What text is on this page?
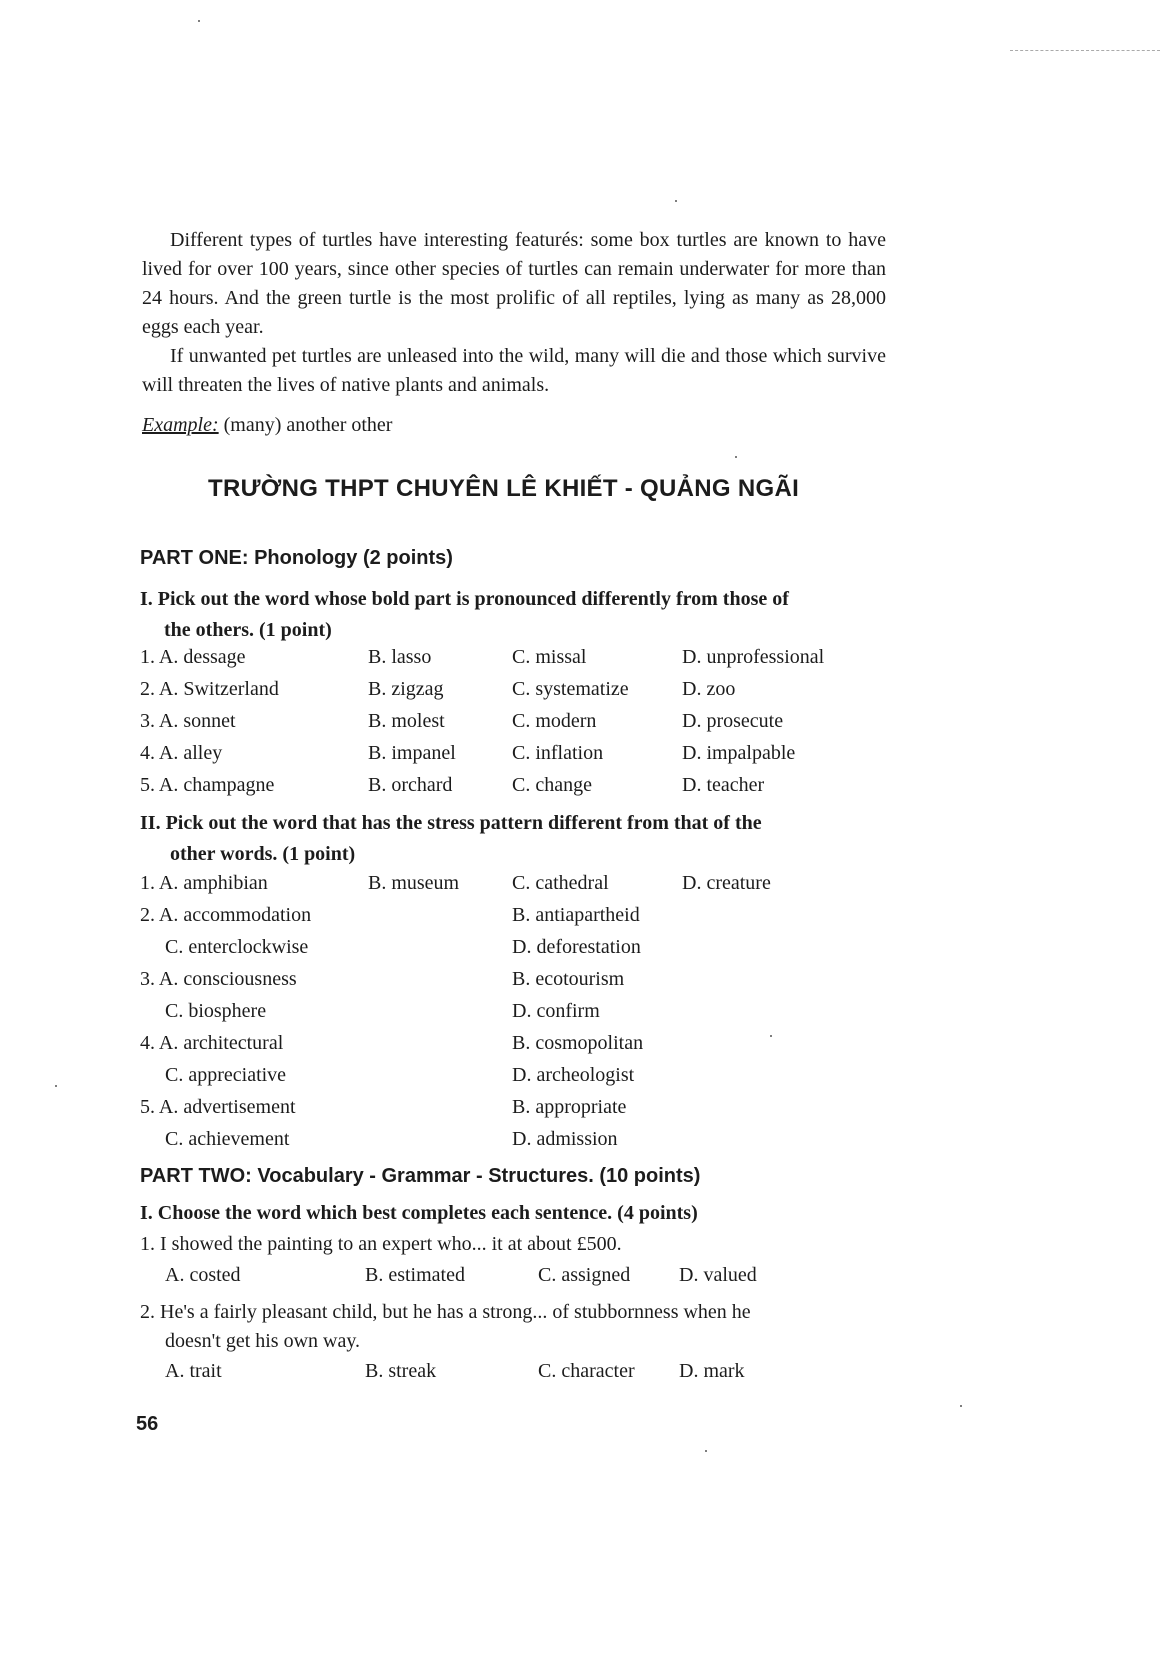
Different types of turtles have interesting featurés: some box turtles are known to have lived for over 100 years, since other species of turtles can remain underwater for more than 24 hours. And the green turtle is the most prolific of all reptiles, lying as many as 28,000 eggs each year.
If unwanted pet turtles are unleased into the wild, many will die and those which survive will threaten the lives of native plants and animals.
Example: (many) another other
TRƯỜNG THPT CHUYÊN LÊ KHIẾT - QUẢNG NGÃI
PART ONE: Phonology (2 points)
I. Pick out the word whose bold part is pronounced differently from those of
the others. (1 point)
1. A. dessage	B. lasso	C. missal	D. unprofessional
2. A. Switzerland	B. zigzag	C. systematize	D. zoo
3. A. sonnet	B. molest	C. modern	D. prosecute
4. A. alley	B. impanel	C. inflation	D. impalpable
5. A. champagne	B. orchard	C. change	D. teacher
II. Pick out the word that has the stress pattern different from that of the
other words. (1 point)
1. A. amphibian	B. museum	C. cathedral	D. creature
2. A. accommodation	B. antiapartheid
C. enterclockwise	D. deforestation
3. A. consciousness	B. ecotourism
C. biosphere	D. confirm
4. A. architectural	B. cosmopolitan
C. appreciative	D. archeologist
5. A. advertisement	B. appropriate
C. achievement	D. admission
PART TWO: Vocabulary - Grammar - Structures. (10 points)
I. Choose the word which best completes each sentence. (4 points)
1. I showed the painting to an expert who... it at about £500.
A. costed	B. estimated	C. assigned D. valued
2. He's a fairly pleasant child, but he has a strong... of stubbornness when he
doesn't get his own way.
A. trait	B. streak	C. character D. mark
56
